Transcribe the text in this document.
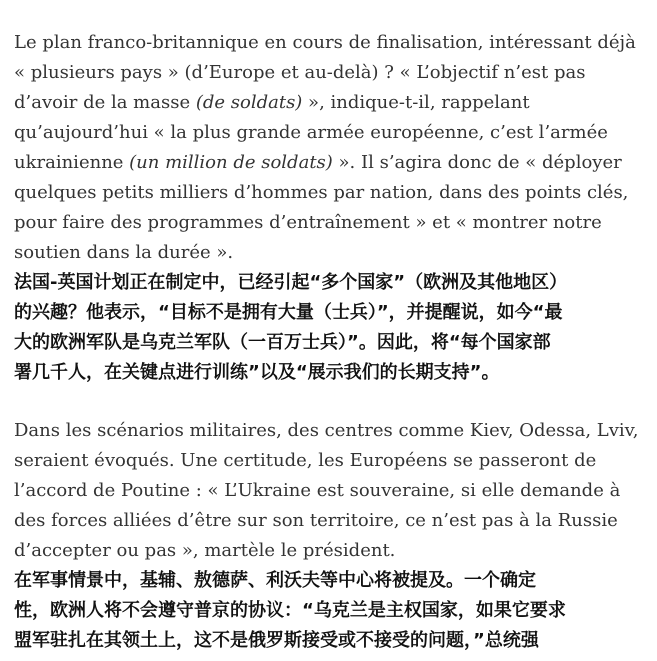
Le plan franco-britannique en cours de finalisation, intéressant déjà
« plusieurs pays » (d’Europe et au-delà) ? « L’objectif n’est pas
d’avoir de la masse (de soldats) », indique-t-il, rappelant
qu’aujourd’hui « la plus grande armée européenne, c’est l’armée
ukrainienne (un million de soldats) ». Il s’agira donc de « déployer
quelques petits milliers d’hommes par nation, dans des points clés,
pour faire des programmes d’entraînement » et « montrer notre
soutien dans la durée ».

法国-英国计划正在制定中，已经引起“多个国家”（欧洲及其他地区）
的兴趣？他表示，“目标不是拥有大量（士兵）”，并提醒说，如今“最
大的欧洲军队是乌克兰军队（一百万士兵）”。因此，将“每个国家部
署几千人，在关键点进行训练”以及“展示我们的长期支持”。

Dans les scénarios militaires, des centres comme Kiev, Odessa, Lviv,
seraient évoqués. Une certitude, les Européens se passeront de
l’accord de Poutine : « L’Ukraine est souveraine, si elle demande à
des forces alliées d’être sur son territoire, ce n’est pas à la Russie
d’accepter ou pas », martèle le président.

在军事情景中，基辅、敖德萨、利沃夫等中心将被提及。一个确定
性，欧洲人将不会遵守普京的协议：“乌克兰是主权国家，如果它要求
盟军驻扎在其领土上，这不是俄罗斯接受或不接受的问题，”总统强
